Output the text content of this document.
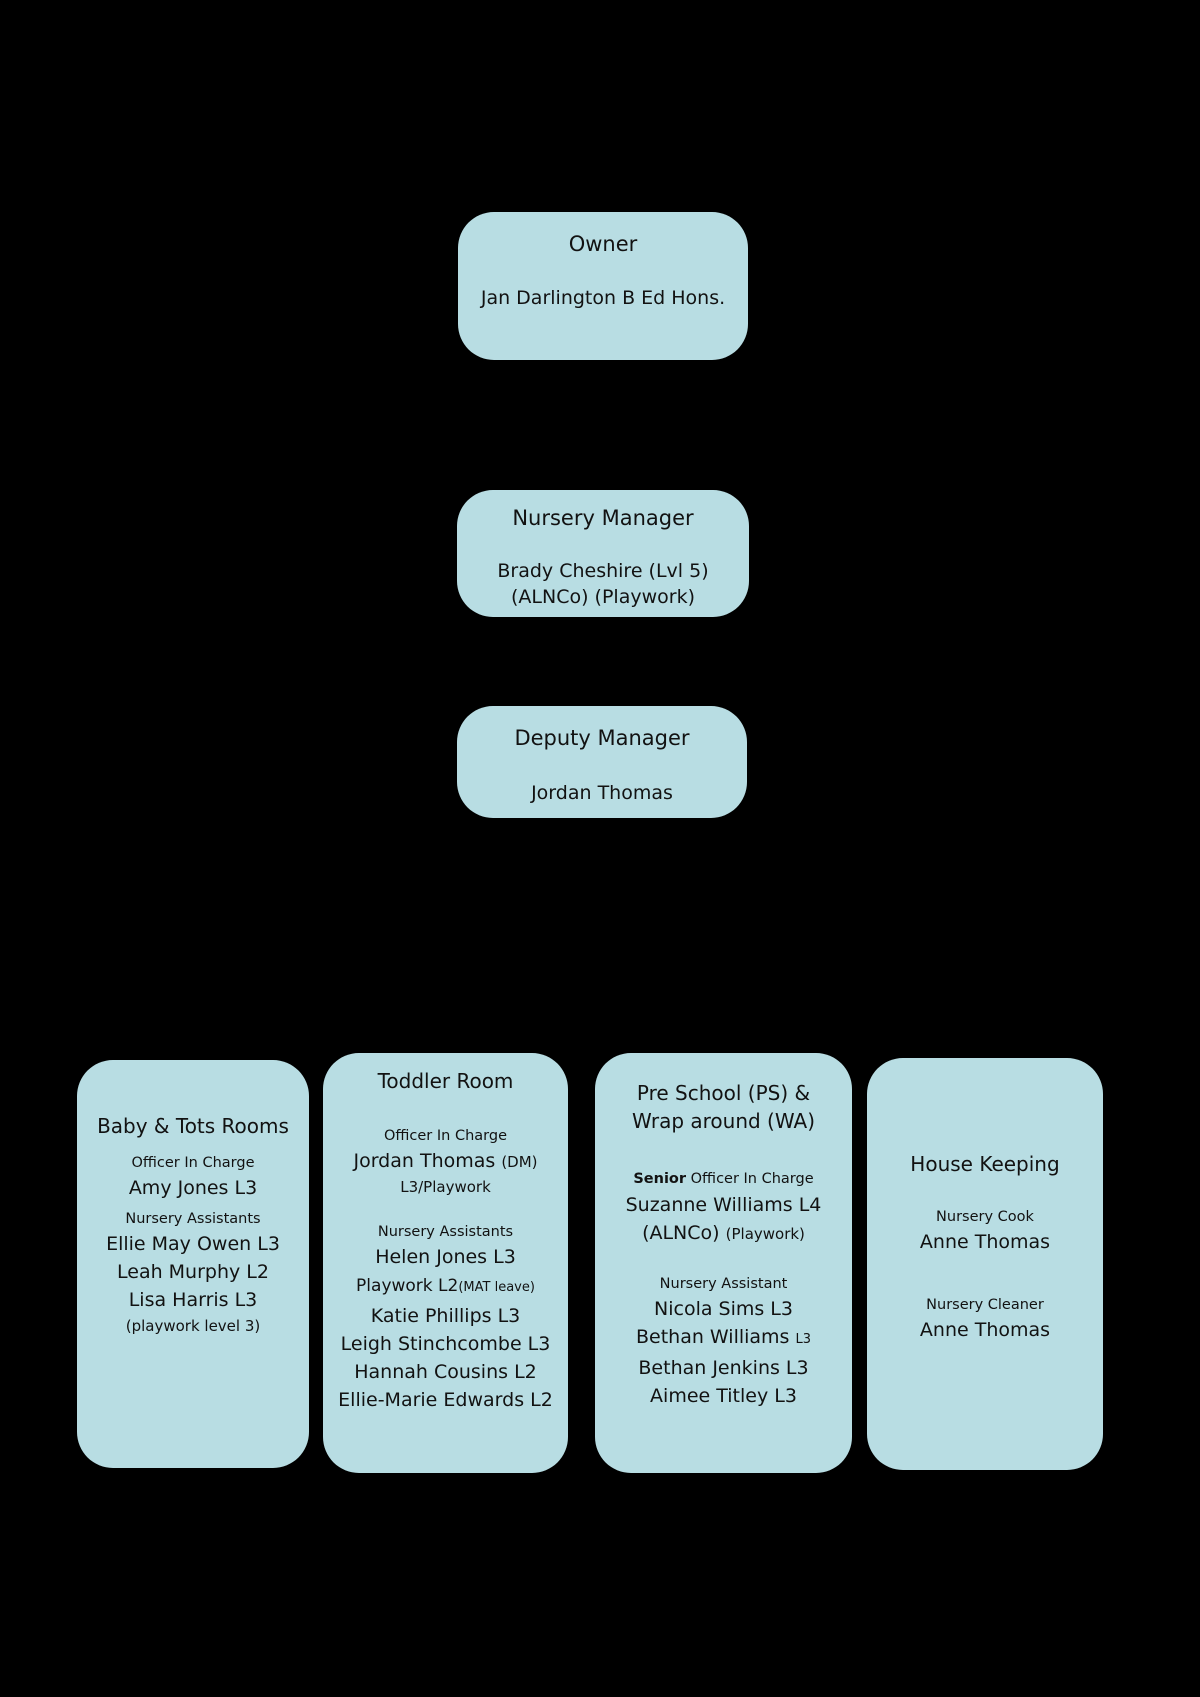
Owner
Jan Darlington B Ed Hons.
Nursery Manager
Brady Cheshire (Lvl 5)
(ALNCo) (Playwork)
Deputy Manager
Jordan Thomas
Baby & Tots Rooms
Officer In Charge
Amy Jones L3
Nursery Assistants
Ellie May Owen L3
Leah Murphy L2
Lisa Harris L3
(playwork level 3)
Toddler Room
Officer In Charge
Jordan Thomas (DM)
L3/Playwork
Nursery Assistants
Helen Jones L3
Playwork L2(MAT leave)
Katie Phillips L3
Leigh Stinchcombe L3
Hannah Cousins L2
Ellie-Marie Edwards L2
Pre School (PS) &
Wrap around (WA)
Senior Officer In Charge
Suzanne Williams L4
(ALNCo) (Playwork)
Nursery Assistant
Nicola Sims L3
Bethan Williams L3
Bethan Jenkins L3
Aimee Titley L3
House Keeping
Nursery Cook
Anne Thomas
Nursery Cleaner
Anne Thomas
